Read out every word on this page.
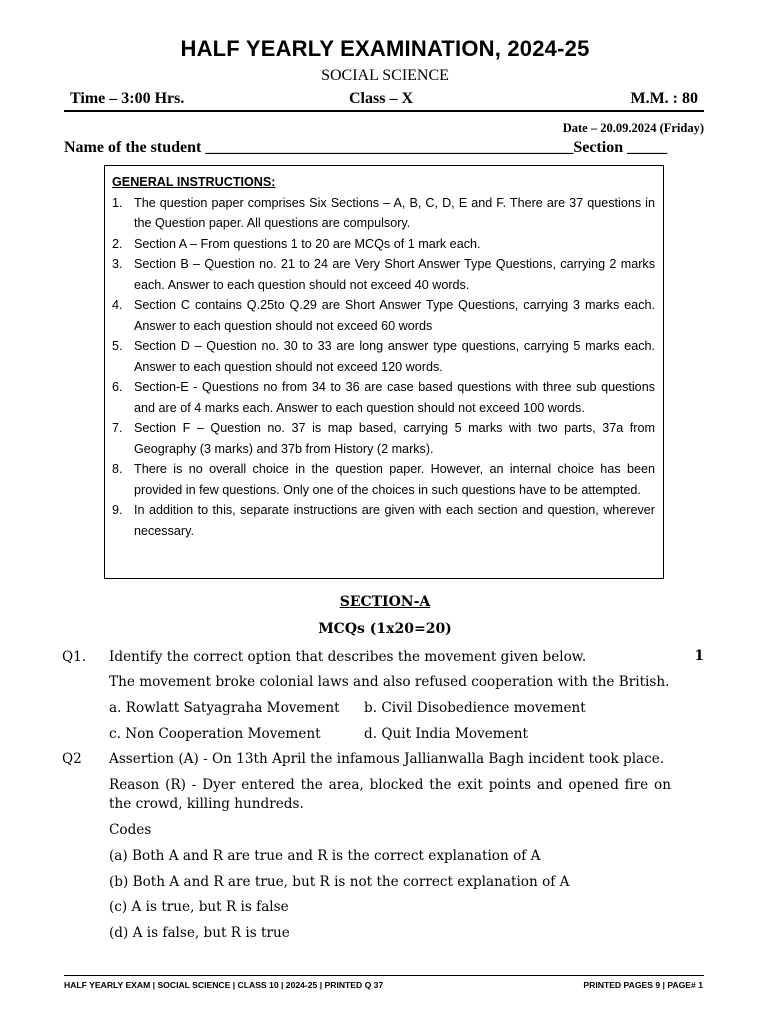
HALF YEARLY EXAMINATION, 2024-25
SOCIAL SCIENCE
Time – 3:00 Hrs.	Class – X	M.M. : 80
Date – 20.09.2024 (Friday)
Name of the student ______________________________________________Section _____
GENERAL INSTRUCTIONS:
1. The question paper comprises Six Sections – A, B, C, D, E and F. There are 37 questions in the Question paper. All questions are compulsory.
2. Section A – From questions 1 to 20 are MCQs of 1 mark each.
3. Section B – Question no. 21 to 24 are Very Short Answer Type Questions, carrying 2 marks each. Answer to each question should not exceed 40 words.
4. Section C contains Q.25to Q.29 are Short Answer Type Questions, carrying 3 marks each. Answer to each question should not exceed 60 words
5. Section D – Question no. 30 to 33 are long answer type questions, carrying 5 marks each. Answer to each question should not exceed 120 words.
6. Section-E - Questions no from 34 to 36 are case based questions with three sub questions and are of 4 marks each. Answer to each question should not exceed 100 words.
7. Section F – Question no. 37 is map based, carrying 5 marks with two parts, 37a from Geography (3 marks) and 37b from History (2 marks).
8. There is no overall choice in the question paper. However, an internal choice has been provided in few questions. Only one of the choices in such questions have to be attempted.
9. In addition to this, separate instructions are given with each section and question, wherever necessary.
SECTION-A
MCQs (1x20=20)
Q1. Identify the correct option that describes the movement given below.	1
The movement broke colonial laws and also refused cooperation with the British.
a. Rowlatt Satyagraha Movement b. Civil Disobedience movement
c. Non Cooperation Movement	d. Quit India Movement
Q2 Assertion (A) - On 13th April the infamous Jallianwalla Bagh incident took place.
Reason (R) - Dyer entered the area, blocked the exit points and opened fire on the crowd, killing hundreds.
Codes
(a) Both A and R are true and R is the correct explanation of A
(b) Both A and R are true, but R is not the correct explanation of A
(c) A is true, but R is false
(d) A is false, but R is true
HALF YEARLY EXAM | SOCIAL SCIENCE | CLASS 10 | 2024-25 | PRINTED Q 37	PRINTED PAGES 9 | PAGE# 1
